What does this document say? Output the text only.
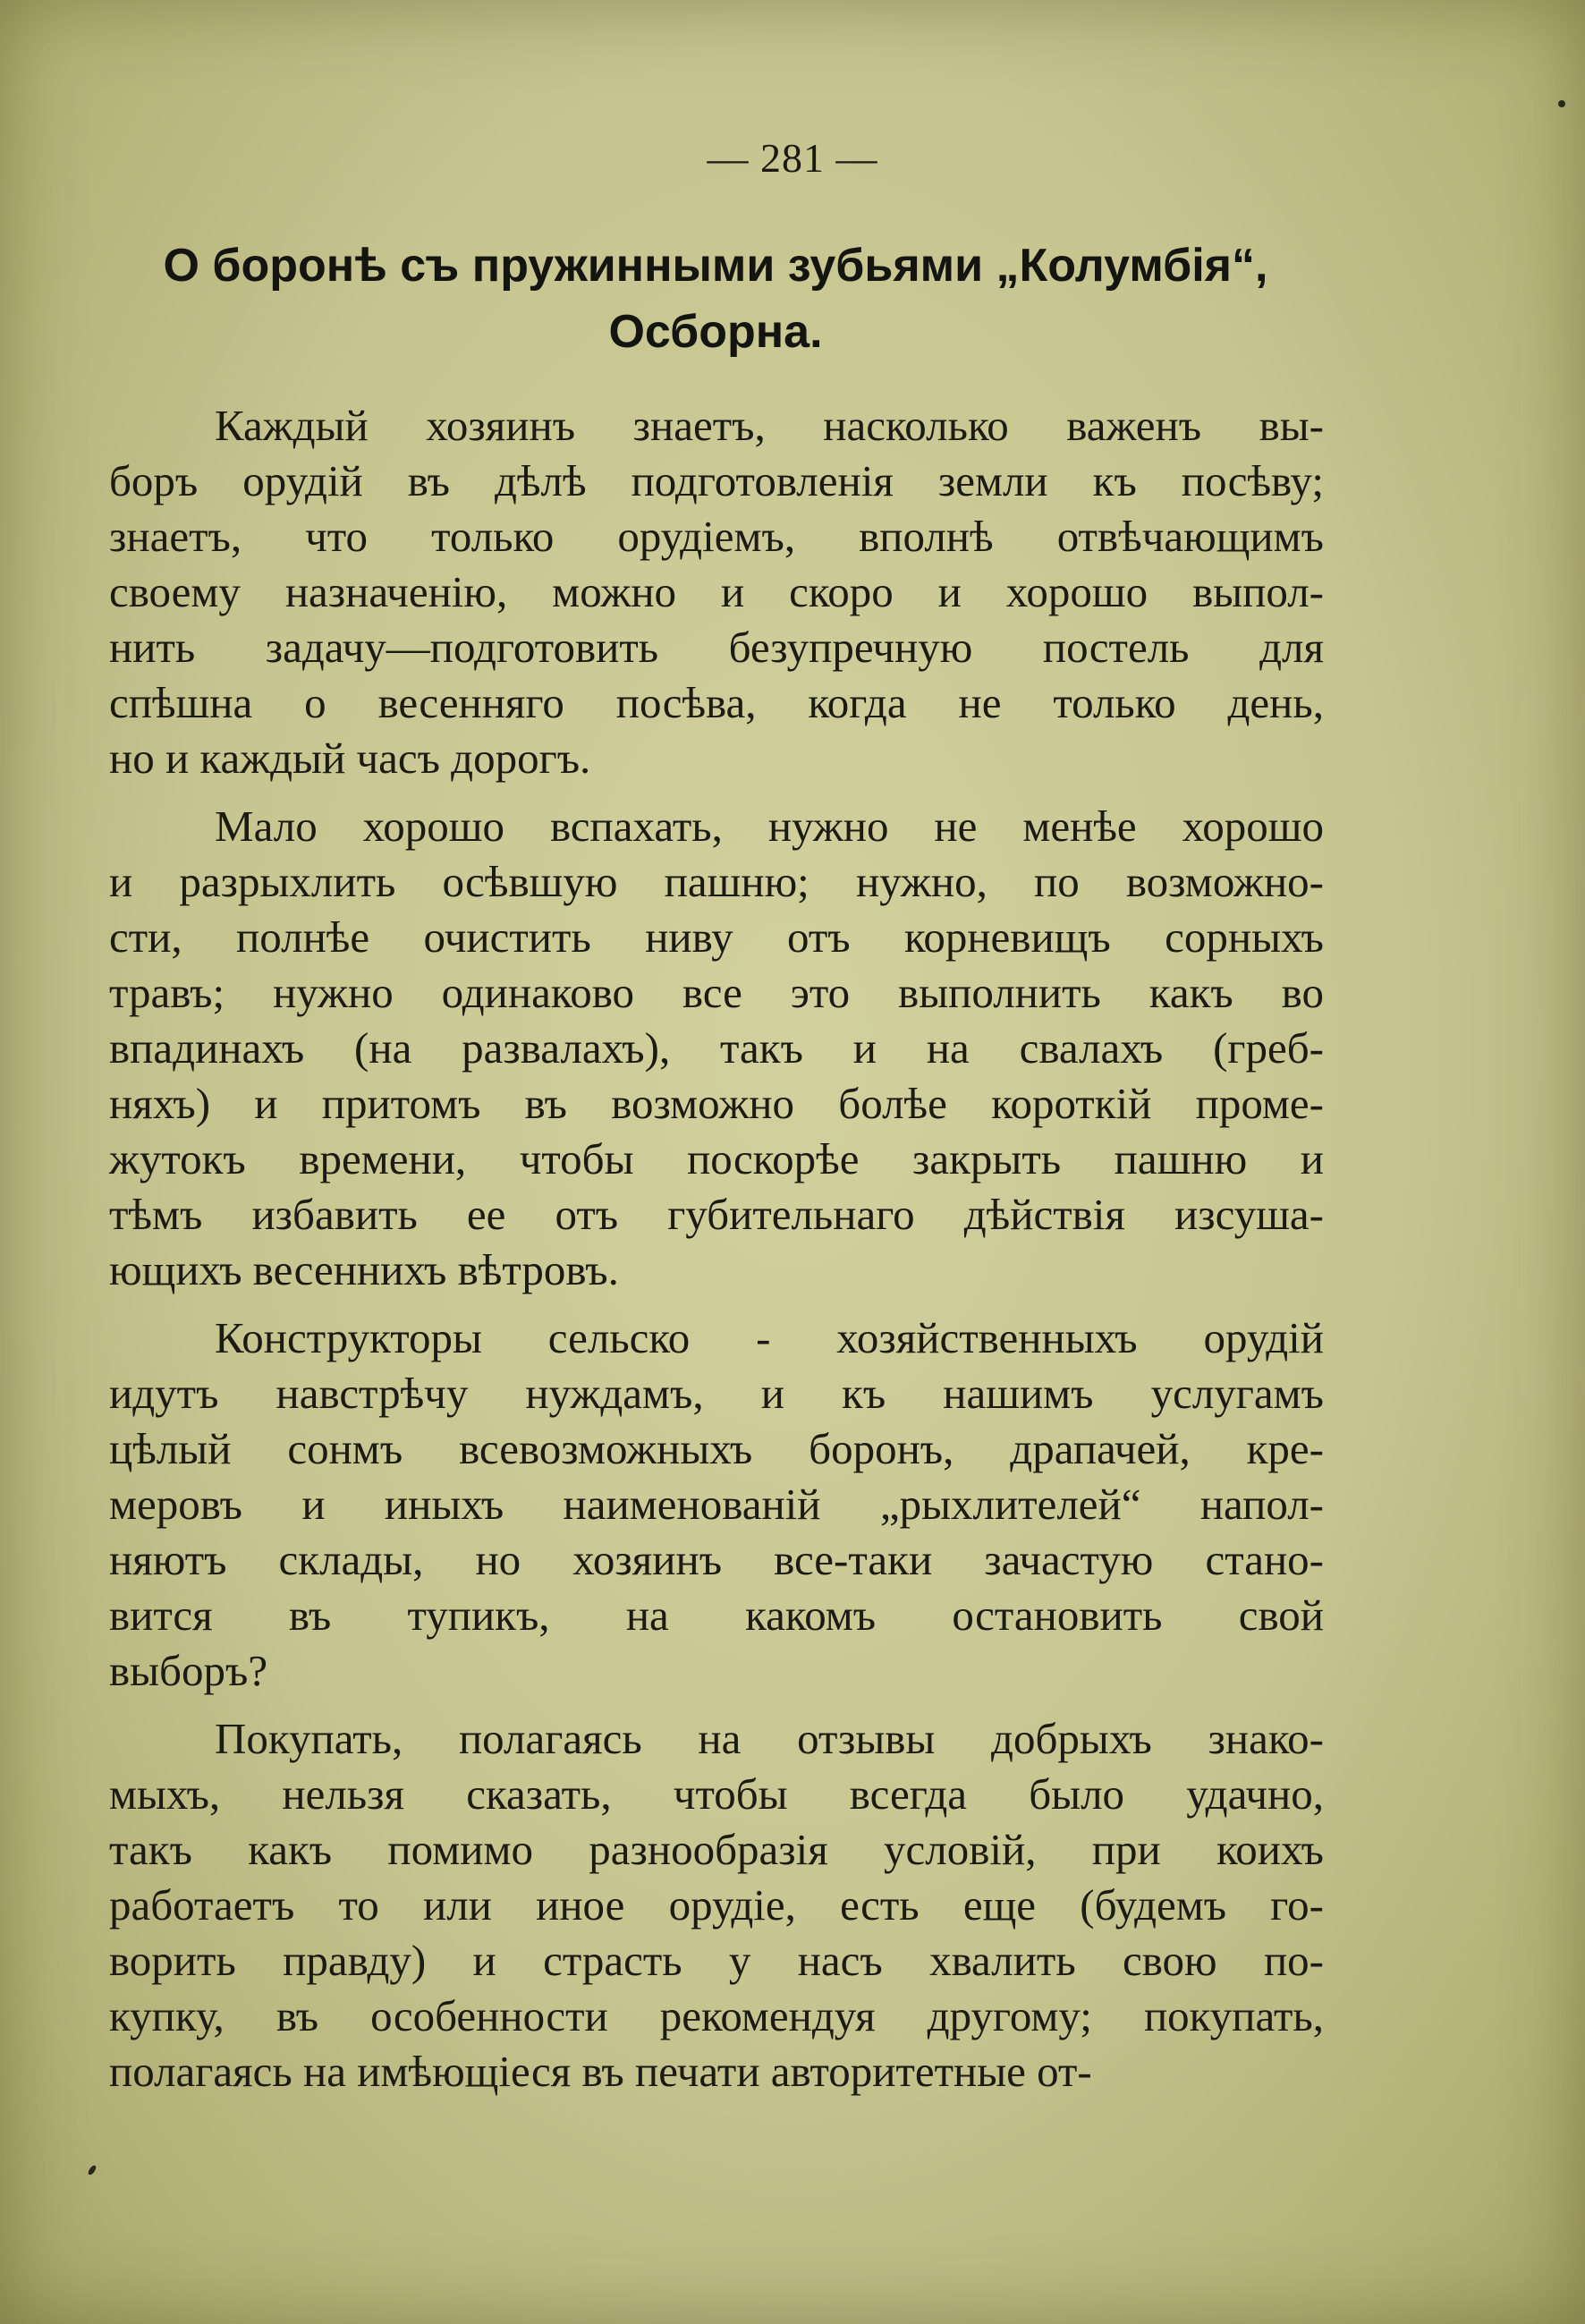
— 281 —
О боронѣ съ пружинными зубьями „Колумбія“,
Осборна.
Каждый хозяинъ знаетъ, насколько важенъ вы-
боръ орудій въ дѣлѣ подготовленія земли къ посѣву;
знаетъ, что только орудіемъ, вполнѣ отвѣчающимъ
своему назначенію, можно и скоро и хорошо выпол-
нить задачу—подготовить безупречную постель для
спѣшна о весенняго посѣва, когда не только день,
но и каждый часъ дорогъ.
Мало хорошо вспахать, нужно не менѣе хорошо
и разрыхлить осѣвшую пашню; нужно, по возможно-
сти, полнѣе очистить ниву отъ корневищъ сорныхъ
травъ; нужно одинаково все это выполнить какъ во
впадинахъ (на развалахъ), такъ и на свалахъ (греб-
няхъ) и притомъ въ возможно болѣе короткій проме-
жутокъ времени, чтобы поскорѣе закрыть пашню и
тѣмъ избавить ее отъ губительнаго дѣйствія изсуша-
ющихъ весеннихъ вѣтровъ.
Конструкторы сельско - хозяйственныхъ орудій
идутъ навстрѣчу нуждамъ, и къ нашимъ услугамъ
цѣлый сонмъ всевозможныхъ боронъ, драпачей, кре-
меровъ и иныхъ наименованій „рыхлителей“ напол-
няютъ склады, но хозяинъ все-таки зачастую стано-
вится въ тупикъ, на какомъ остановить свой
выборъ?
Покупать, полагаясь на отзывы добрыхъ знако-
мыхъ, нельзя сказать, чтобы всегда было удачно,
такъ какъ помимо разнообразія условій, при коихъ
работаетъ то или иное орудіе, есть еще (будемъ го-
ворить правду) и страсть у насъ хвалить свою по-
купку, въ особенности рекомендуя другому; покупать,
полагаясь на имѣющіеся въ печати авторитетные от-
